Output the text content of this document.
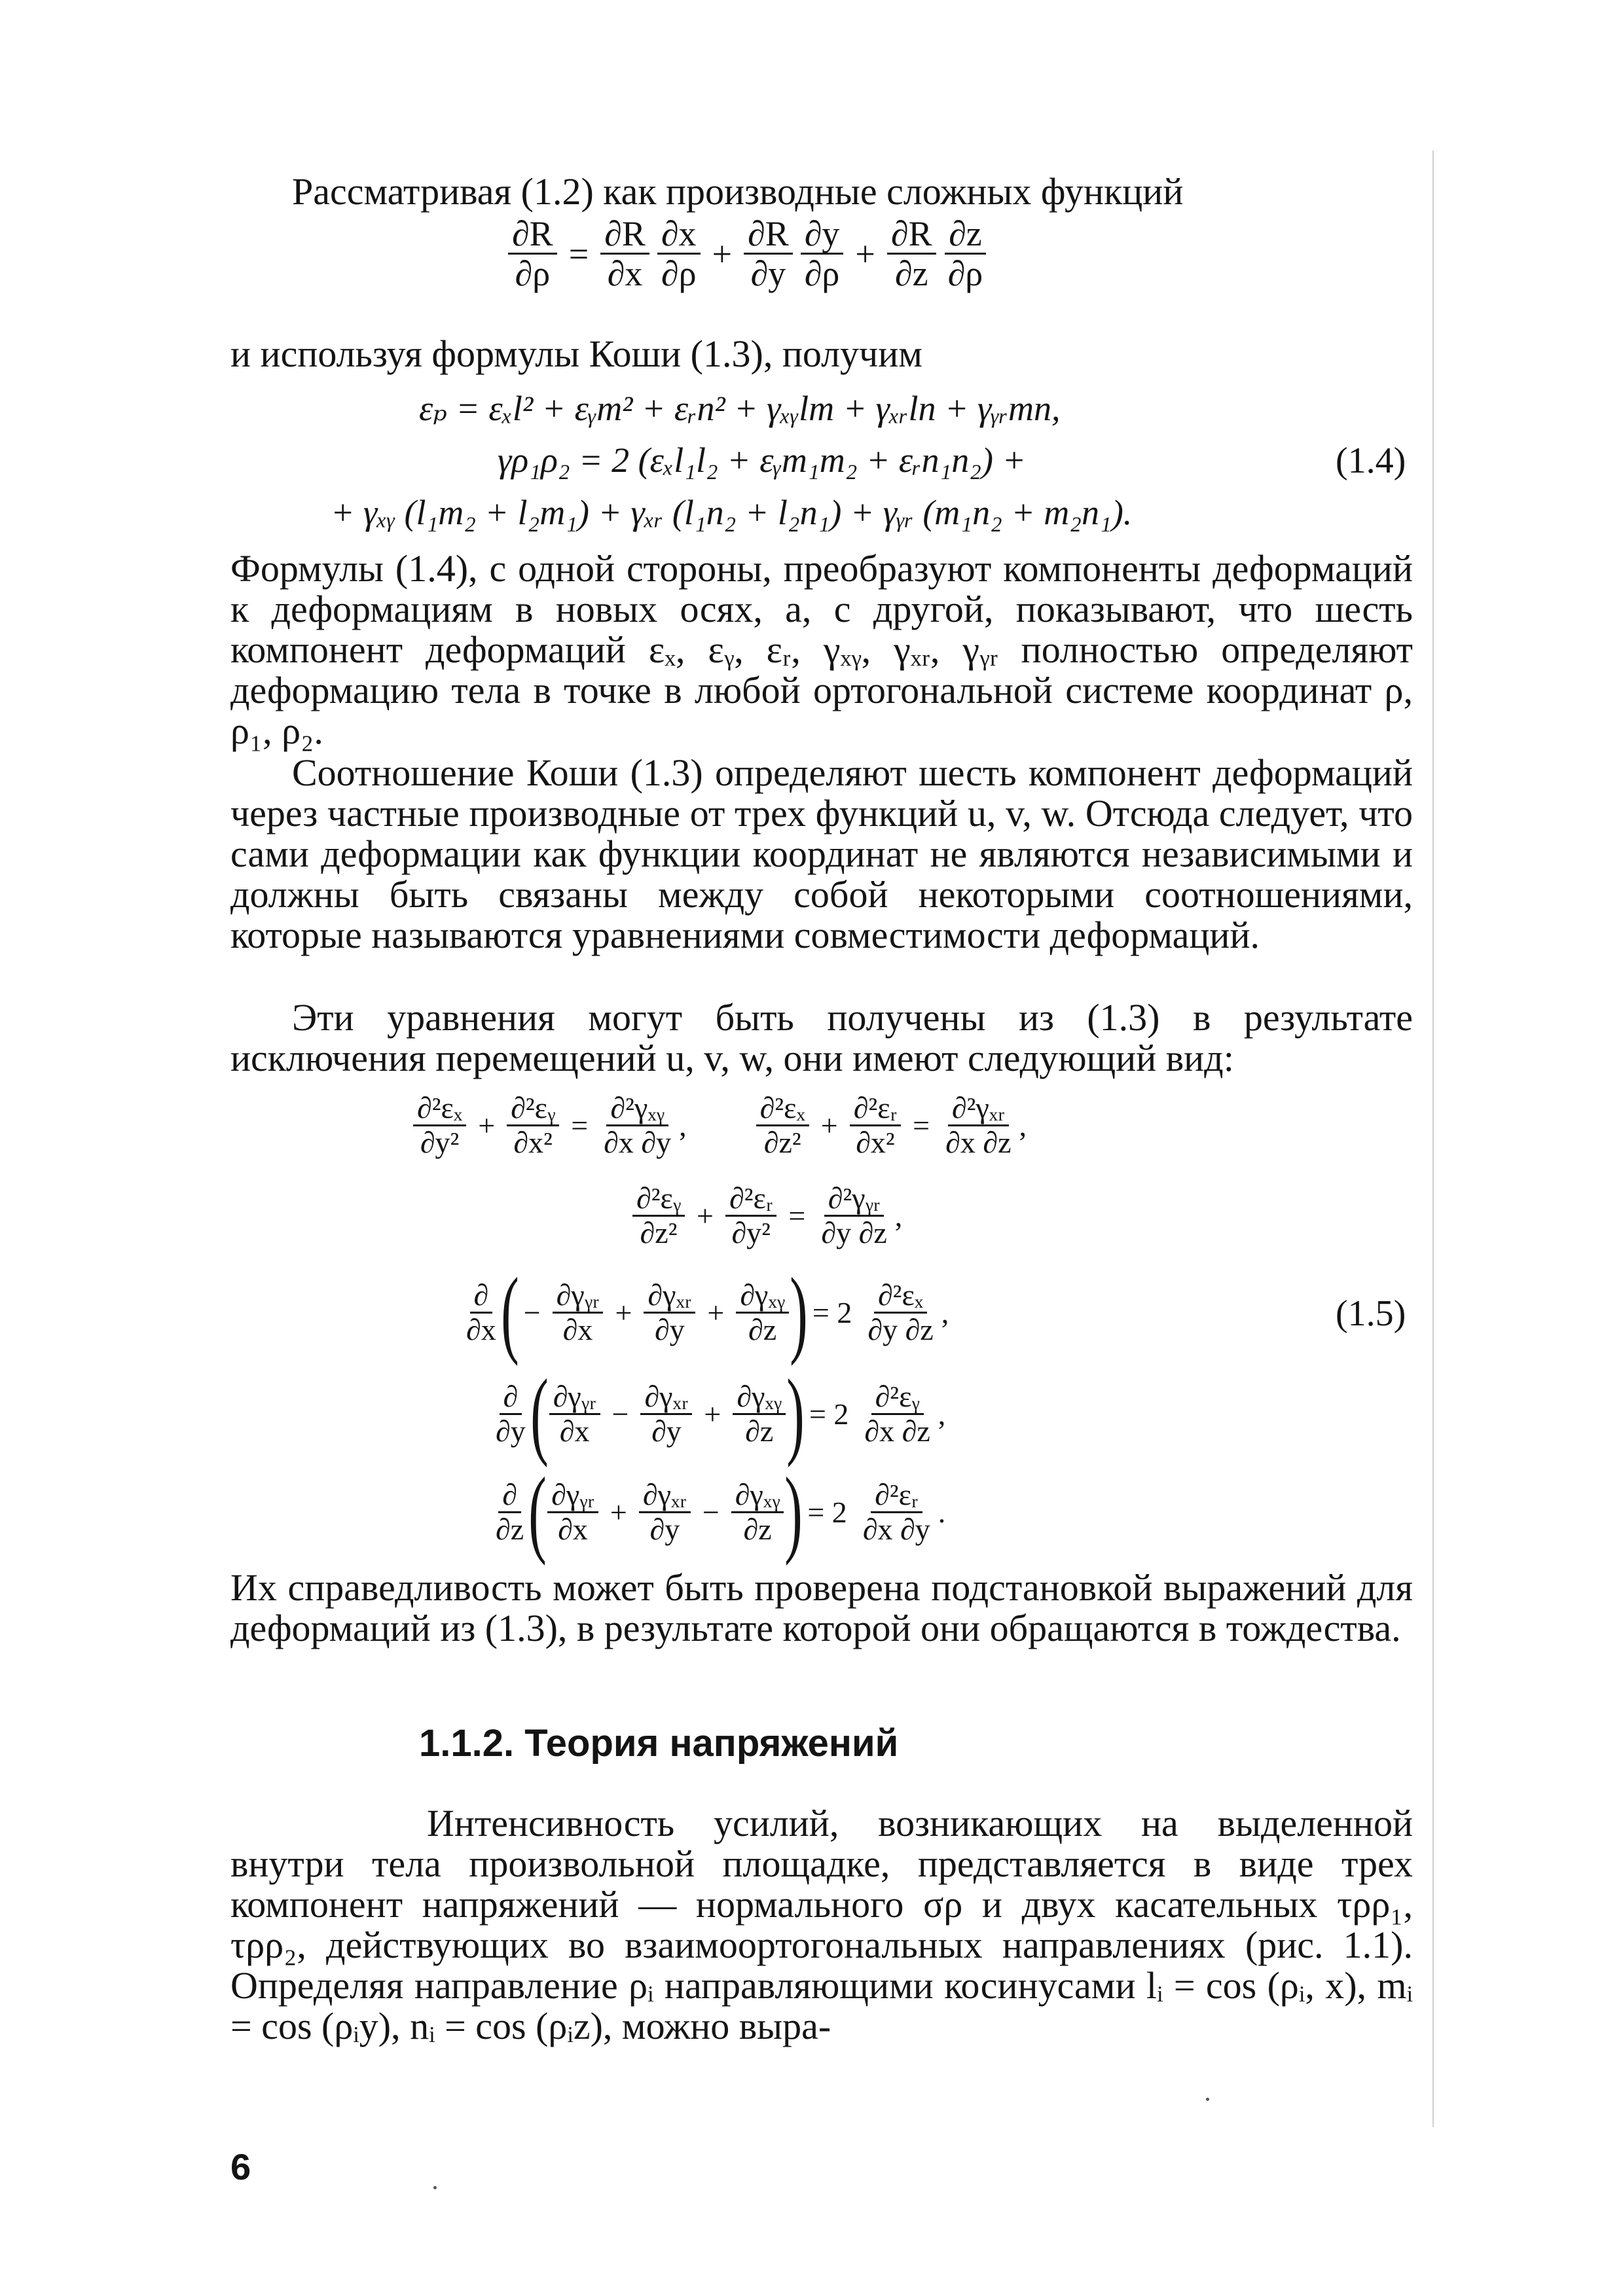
Рассматривая (1.2) как производные сложных функций

$\frac{\partial R}{\partial\rho} = \frac{\partial R}{\partial x} \frac{\partial x}{\partial\rho} + \frac{\partial R}{\partial y} \frac{\partial y}{\partial\rho} + \frac{\partial R}{\partial z} \frac{\partial z}{\partial\rho}$

и используя формулы Коши (1.3), получим

εₚ = εₓl² + εᵧm² + εᵣn² + γₓᵧlm + γₓᵣln + γᵧᵣmn,
γρ₁ρ₂ = 2 (εₓl₁l₂ + εᵧm₁m₂ + εᵣn₁n₂) +	(1.4)
+ γₓᵧ (l₁m₂ + l₂m₁) + γₓᵣ (l₁n₂ + l₂n₁) + γᵧᵣ (m₁n₂ + m₂n₁).

Формулы (1.4), с одной стороны, преобразуют компоненты деформаций к деформациям в новых осях, а, с другой, показывают, что шесть компонент деформаций εₓ, εᵧ, εᵣ, γₓᵧ, γₓᵣ, γᵧᵣ полностью определяют деформацию тела в точке в любой ортогональной системе координат ρ, ρ₁, ρ₂.

Соотношение Коши (1.3) определяют шесть компонент деформаций через частные производные от трех функций u, v, w. Отсюда следует, что сами деформации как функции координат не являются независимыми и должны быть связаны между собой некоторыми соотношениями, которые называются уравнениями совместимости деформаций.

Эти уравнения могут быть получены из (1.3) в результате исключения перемещений u, v, w, они имеют следующий вид:

$\frac{\text{∂²εₓ}}{\text{∂y²}} + \frac{\text{∂²εᵧ}}{\text{∂x²}} = \frac{\text{∂²γₓᵧ}}{\partial x \partial y}$ , $\frac{\text{∂²εₓ}}{\text{∂z²}} + \frac{\text{∂²εᵣ}}{\text{∂x²}} = \frac{\text{∂²γₓᵣ}}{\partial x \partial z}$ ,
$\frac{\text{∂²εᵧ}}{\text{∂z²}} + \frac{\text{∂²εᵣ}}{\text{∂y²}} = \frac{\text{∂²γᵧᵣ}}{\partial y \partial z}$ ,
$\frac{\partial}{\partial x}$ ( − $\frac{\text{∂γᵧᵣ}}{\partial x} + \frac{\text{∂γₓᵣ}}{\partial y} + \frac{\text{∂γₓᵧ}}{\partial z}$ ) = $2 \frac{\text{∂²εₓ}}{\partial y \partial z}$ ,	(1.5)
$\frac{\partial}{\partial y}$ ( $\frac{\text{∂γᵧᵣ}}{\partial x} - \frac{\text{∂γₓᵣ}}{\partial y} + \frac{\text{∂γₓᵧ}}{\partial z}$ ) = $2 \frac{\text{∂²εᵧ}}{\partial x \partial z}$ ,
$\frac{\partial}{\partial z}$ ( $\frac{\text{∂γᵧᵣ}}{\partial x} + \frac{\text{∂γₓᵣ}}{\partial y} - \frac{\text{∂γₓᵧ}}{\partial z}$ ) = $2 \frac{\text{∂²εᵣ}}{\partial x \partial y}$ .

Их справедливость может быть проверена подстановкой выражений для деформаций из (1.3), в результате которой они обращаются в тождества.

1.1.2. Теория напряжений

Интенсивность усилий, возникающих на выделенной внутри тела произвольной площадке, представляется в виде трех компонент напряжений — нормального σρ и двух касательных τρρ₁, τρρ₂, действующих во взаимоортогональных направлениях (рис. 1.1). Определяя направление ρᵢ направляющими косинусами lᵢ = cos (ρᵢ, x), mᵢ = cos (ρᵢy), nᵢ = cos (ρᵢz), можно выра-

6
